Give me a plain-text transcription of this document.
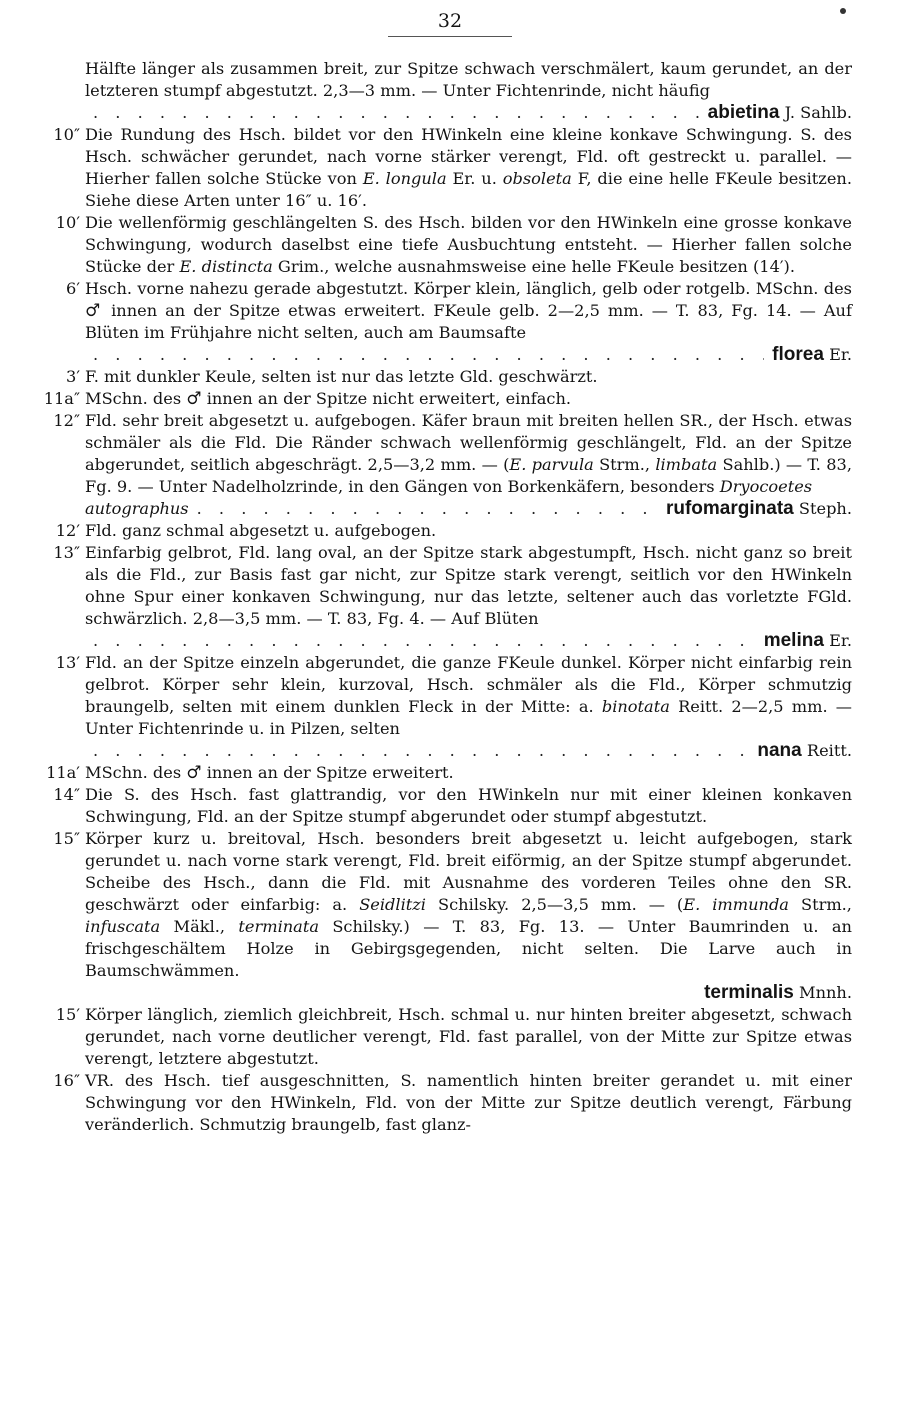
32
Hälfte länger als zusammen breit, zur Spitze schwach verschmälert, kaum gerundet, an der letzteren stumpf abgestutzt. 2,3—3 mm. — Unter Fichtenrinde, nicht häufig
. . .
abietina
J. Sahlb.
10″ Die Rundung des Hsch. bildet vor den HWinkeln eine kleine konkave Schwingung. S. des Hsch. schwächer gerundet, nach vorne stärker verengt, Fld. oft gestreckt u. parallel. — Hierher fallen solche Stücke von E. longula Er. u. obsoleta F, die eine helle FKeule besitzen. Siehe diese Arten unter 16″ u. 16′.
10′ Die wellenförmig geschlängelten S. des Hsch. bilden vor den HWinkeln eine grosse konkave Schwingung, wodurch daselbst eine tiefe Ausbuchtung entsteht. — Hierher fallen solche Stücke der E. distincta Grim., welche ausnahmsweise eine helle FKeule besitzen (14′).
6′ Hsch. vorne nahezu gerade abgestutzt. Körper klein, länglich, gelb oder rotgelb. MSchn. des ♂ innen an der Spitze etwas erweitert. FKeule gelb. 2—2,5 mm. — T. 83, Fg. 14. — Auf Blüten im Frühjahre nicht selten, auch am Baumsafte
. . .
florea
Er.
3′ F. mit dunkler Keule, selten ist nur das letzte Gld. geschwärzt.
11a″ MSchn. des ♂ innen an der Spitze nicht erweitert, einfach.
12″ Fld. sehr breit abgesetzt u. aufgebogen. Käfer braun mit breiten hellen SR., der Hsch. etwas schmäler als die Fld. Die Ränder schwach wellenförmig geschlängelt, Fld. an der Spitze abgerundet, seitlich abgeschrägt. 2,5—3,2 mm. — (E. parvula Strm., limbata Sahlb.) — T. 83, Fg. 9. — Unter Nadelholzrinde, in den Gängen von Borkenkäfern, besonders Dryocoetes
autographus
. . .	rufomarginata
Steph.
12′ Fld. ganz schmal abgesetzt u. aufgebogen.
13″ Einfarbig gelbrot, Fld. lang oval, an der Spitze stark abgestumpft, Hsch. nicht ganz so breit als die Fld., zur Basis fast gar nicht, zur Spitze stark verengt, seitlich vor den HWinkeln ohne Spur einer konkaven Schwingung, nur das letzte, seltener auch das vorletzte FGld. schwärzlich. 2,8—3,5 mm. — T. 83, Fg. 4. — Auf Blüten
. . .
melina
Er.
13′ Fld. an der Spitze einzeln abgerundet, die ganze FKeule dunkel. Körper nicht einfarbig rein gelbrot. Körper sehr klein, kurzoval, Hsch. schmäler als die Fld., Körper schmutzig braungelb, selten mit einem dunklen Fleck in der Mitte: a. binotata Reitt. 2—2,5 mm. — Unter Fichtenrinde u. in Pilzen, selten
. . .
nana
Reitt.
11a′ MSchn. des ♂ innen an der Spitze erweitert.
14″ Die S. des Hsch. fast glattrandig, vor den HWinkeln nur mit einer kleinen konkaven Schwingung, Fld. an der Spitze stumpf abgerundet oder stumpf abgestutzt.
15″ Körper kurz u. breitoval, Hsch. besonders breit abgesetzt u. leicht aufgebogen, stark gerundet u. nach vorne stark verengt, Fld. breit eiförmig, an der Spitze stumpf abgerundet. Scheibe des Hsch., dann die Fld. mit Ausnahme des vorderen Teiles ohne den SR. geschwärzt oder einfarbig: a. Seidlitzi Schilsky. 2,5—3,5 mm. — (E. immunda Strm., infuscata Mäkl., terminata Schilsky.) — T. 83, Fg. 13. — Unter Baumrinden u. an frischgeschältem Holze in Gebirgsgegenden, nicht selten. Die Larve auch in Baumschwämmen.
terminalis Mnnh.
15′ Körper länglich, ziemlich gleichbreit, Hsch. schmal u. nur hinten breiter abgesetzt, schwach gerundet, nach vorne deutlicher verengt, Fld. fast parallel, von der Mitte zur Spitze etwas verengt, letztere abgestutzt.
16″ VR. des Hsch. tief ausgeschnitten, S. namentlich hinten breiter gerandet u. mit einer Schwingung vor den HWinkeln, Fld. von der Mitte zur Spitze deutlich verengt, Färbung veränderlich. Schmutzig braungelb, fast glanz-
